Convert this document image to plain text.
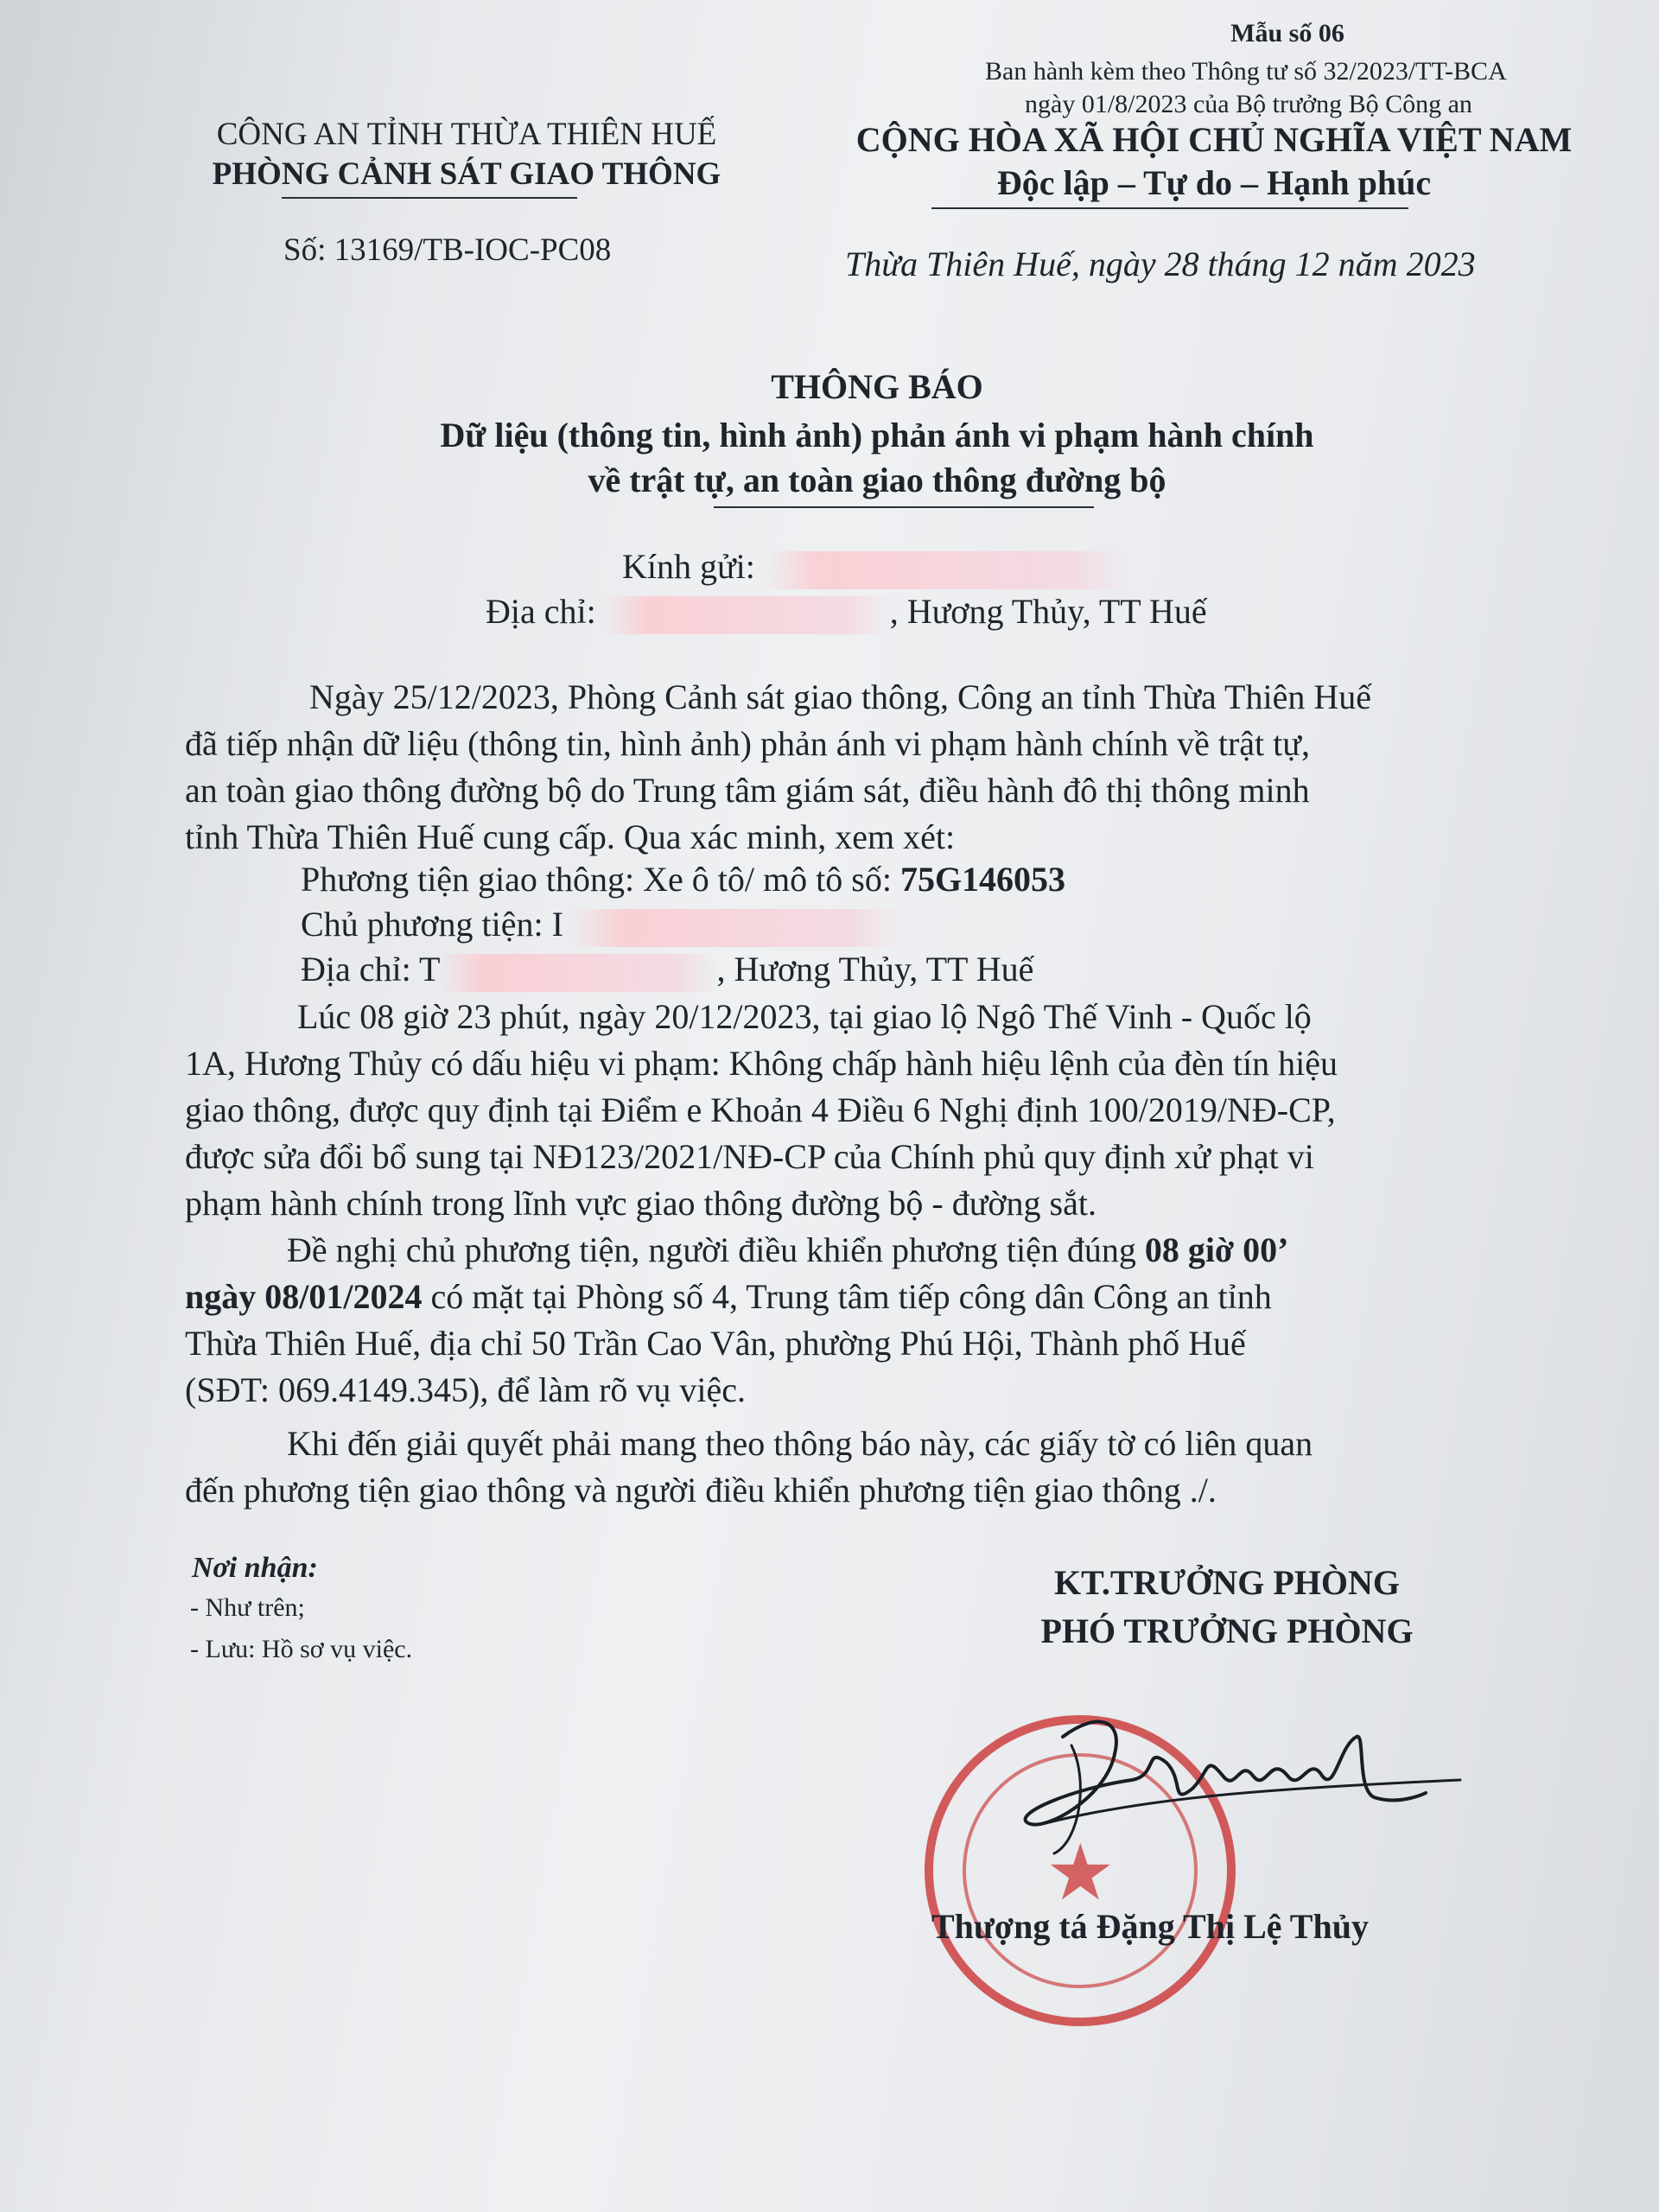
Mẫu số 06
Ban hành kèm theo Thông tư số 32/2023/TT-BCA
ngày 01/8/2023 của Bộ trưởng Bộ Công an
CÔNG AN TỈNH THỪA THIÊN HUẾ
PHÒNG CẢNH SÁT GIAO THÔNG
Số: 13169/TB-IOC-PC08
CỘNG HÒA XÃ HỘI CHỦ NGHĨA VIỆT NAM
Độc lập – Tự do – Hạnh phúc
Thừa Thiên Huế, ngày 28 tháng 12 năm 2023
THÔNG BÁO
Dữ liệu (thông tin, hình ảnh) phản ánh vi phạm hành chính
về trật tự, an toàn giao thông đường bộ
Kính gửi:
Địa chỉ:	, Hương Thủy, TT Huế
Ngày 25/12/2023, Phòng Cảnh sát giao thông, Công an tỉnh Thừa Thiên Huế
đã tiếp nhận dữ liệu (thông tin, hình ảnh) phản ánh vi phạm hành chính về trật tự,
an toàn giao thông đường bộ do Trung tâm giám sát, điều hành đô thị thông minh
tỉnh Thừa Thiên Huế cung cấp. Qua xác minh, xem xét:
Phương tiện giao thông: Xe ô tô/ mô tô số: 75G146053
Chủ phương tiện: I
Địa chỉ: T	, Hương Thủy, TT Huế
Lúc 08 giờ 23 phút, ngày 20/12/2023, tại giao lộ Ngô Thế Vinh - Quốc lộ
1A, Hương Thủy có dấu hiệu vi phạm: Không chấp hành hiệu lệnh của đèn tín hiệu
giao thông, được quy định tại Điểm e Khoản 4 Điều 6 Nghị định 100/2019/NĐ-CP,
được sửa đổi bổ sung tại NĐ123/2021/NĐ-CP của Chính phủ quy định xử phạt vi
phạm hành chính trong lĩnh vực giao thông đường bộ - đường sắt.
Đề nghị chủ phương tiện, người điều khiển phương tiện đúng 08 giờ 00’
ngày 08/01/2024 có mặt tại Phòng số 4, Trung tâm tiếp công dân Công an tỉnh
Thừa Thiên Huế, địa chỉ 50 Trần Cao Vân, phường Phú Hội, Thành phố Huế
(SĐT: 069.4149.345), để làm rõ vụ việc.
Khi đến giải quyết phải mang theo thông báo này, các giấy tờ có liên quan
đến phương tiện giao thông và người điều khiển phương tiện giao thông ./.
Nơi nhận:
- Như trên;
- Lưu: Hồ sơ vụ việc.
KT.TRƯỞNG PHÒNG
PHÓ TRƯỞNG PHÒNG
★
Thượng tá Đặng Thị Lệ Thủy
